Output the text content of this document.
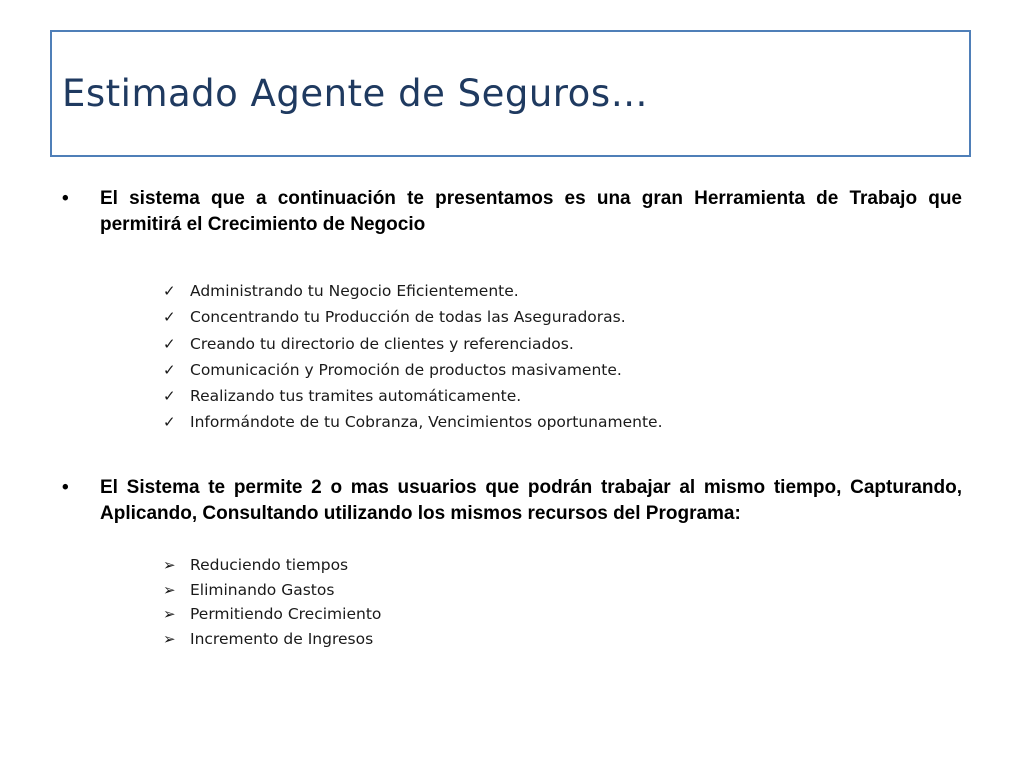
Estimado Agente de Seguros…
• El sistema que a continuación te presentamos es una gran Herramienta de Trabajo que permitirá el Crecimiento de Negocio
✓ Administrando tu Negocio Eficientemente.
✓ Concentrando tu Producción de todas las Aseguradoras.
✓ Creando tu directorio de clientes y referenciados.
✓ Comunicación y Promoción de productos masivamente.
✓ Realizando tus tramites automáticamente.
✓ Informándote de tu Cobranza, Vencimientos oportunamente.
• El Sistema te permite 2 o mas usuarios que podrán trabajar al mismo tiempo, Capturando, Aplicando, Consultando utilizando los mismos recursos del Programa:
➢ Reduciendo tiempos
➢ Eliminando Gastos
➢ Permitiendo Crecimiento
➢ Incremento de Ingresos
